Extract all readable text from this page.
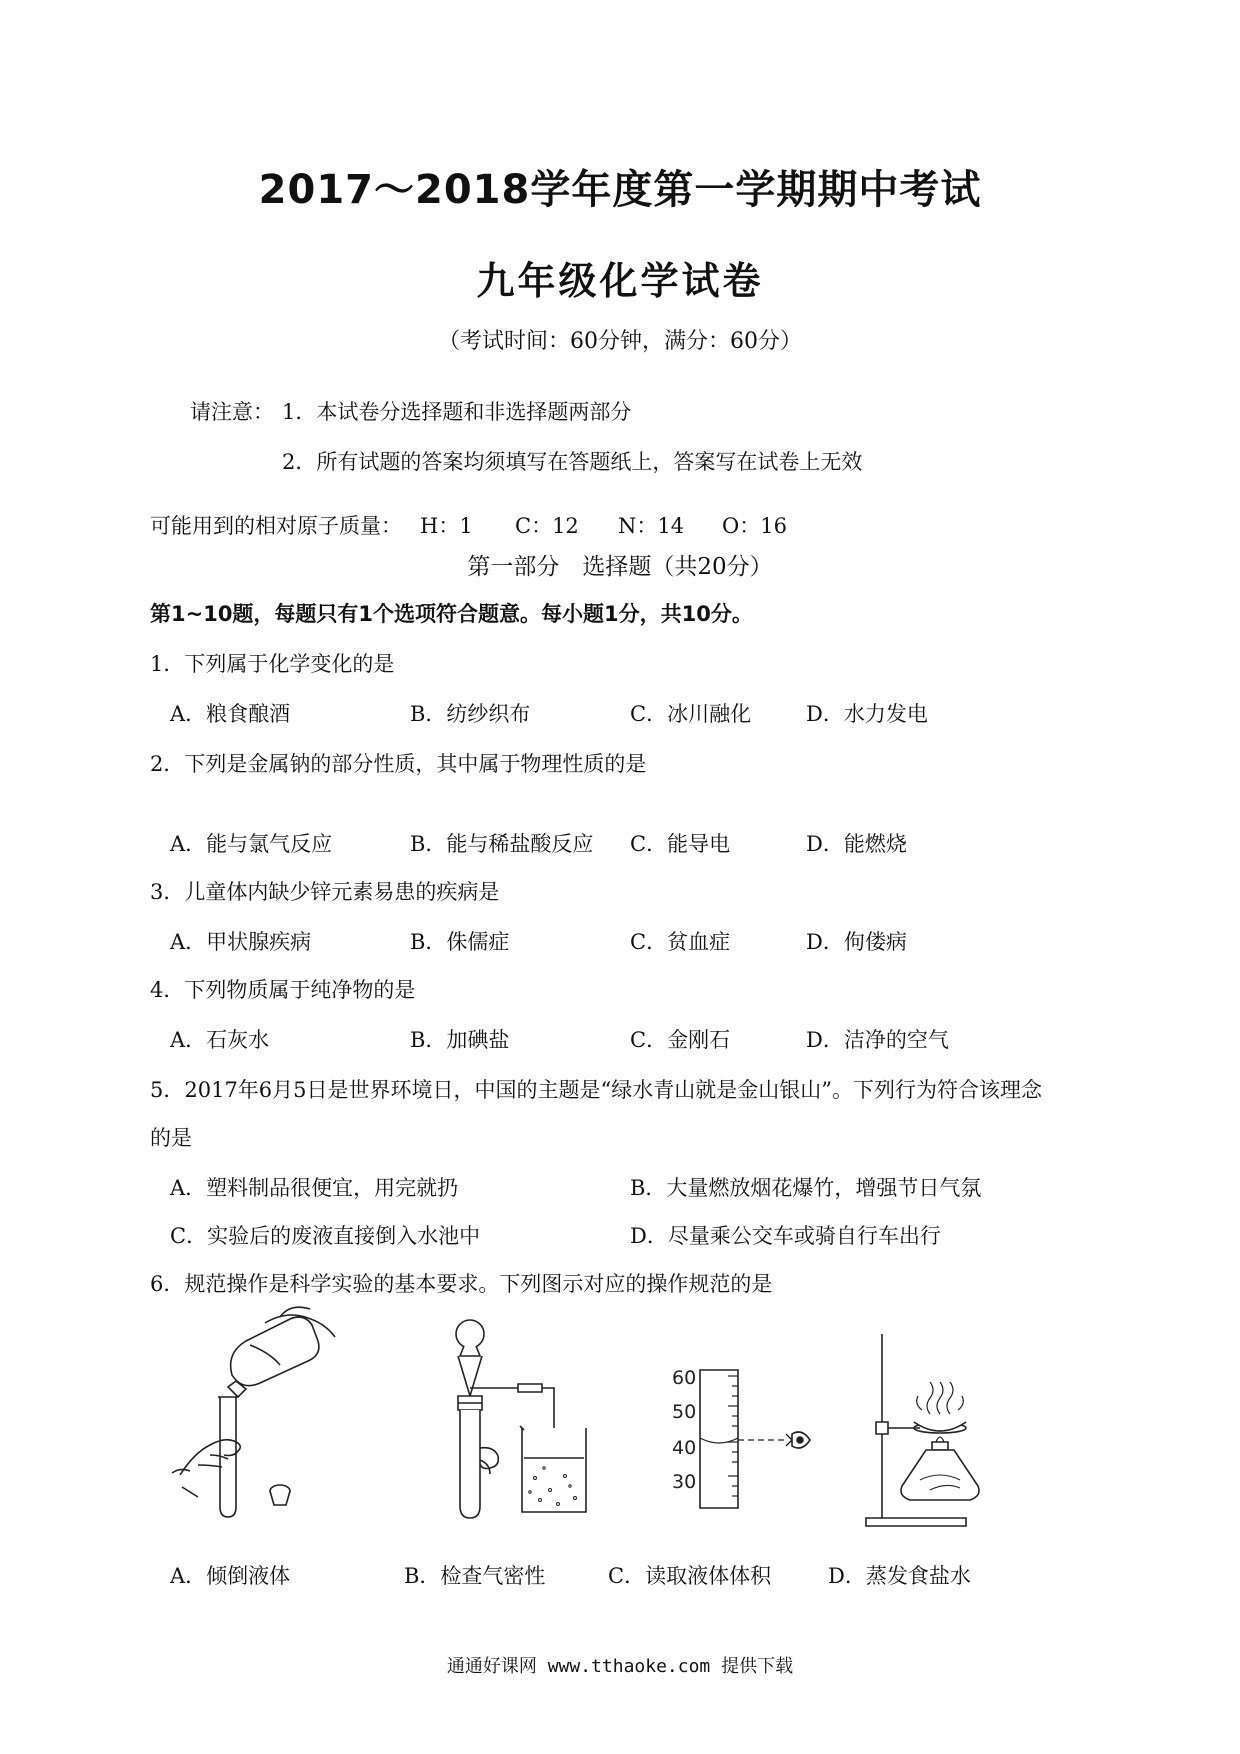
2017～2018学年度第一学期期中考试
九年级化学试卷
（考试时间：60分钟，满分：60分）
请注意： 1．本试卷分选择题和非选择题两部分
2．所有试题的答案均须填写在答题纸上，答案写在试卷上无效
可能用到的相对原子质量： H：1 C：12 N：14 O：16
第一部分　选择题（共20分）
第1~10题，每题只有1个选项符合题意。每小题1分，共10分。
1．下列属于化学变化的是
A．粮食酿酒	B．纺纱织布	C．冰川融化	D．水力发电
2．下列是金属钠的部分性质，其中属于物理性质的是
A．能与氯气反应	B．能与稀盐酸反应 C．能导电	D．能燃烧
3．儿童体内缺少锌元素易患的疾病是
A．甲状腺疾病	B．侏儒症	C．贫血症	D．佝偻病
4．下列物质属于纯净物的是
A．石灰水	B．加碘盐	C．金刚石	D．洁净的空气
5．2017年6月5日是世界环境日，中国的主题是“绿水青山就是金山银山”。下列行为符合该理念
的是
A．塑料制品很便宜，用完就扔	B．大量燃放烟花爆竹，增强节日气氛
C．实验后的废液直接倒入水池中	D．尽量乘公交车或骑自行车出行
6．规范操作是科学实验的基本要求。下列图示对应的操作规范的是
60
50
40
30
A．倾倒液体	B．检查气密性	C．读取液体体积	D．蒸发食盐水
通通好课网 www.tthaoke.com 提供下载
